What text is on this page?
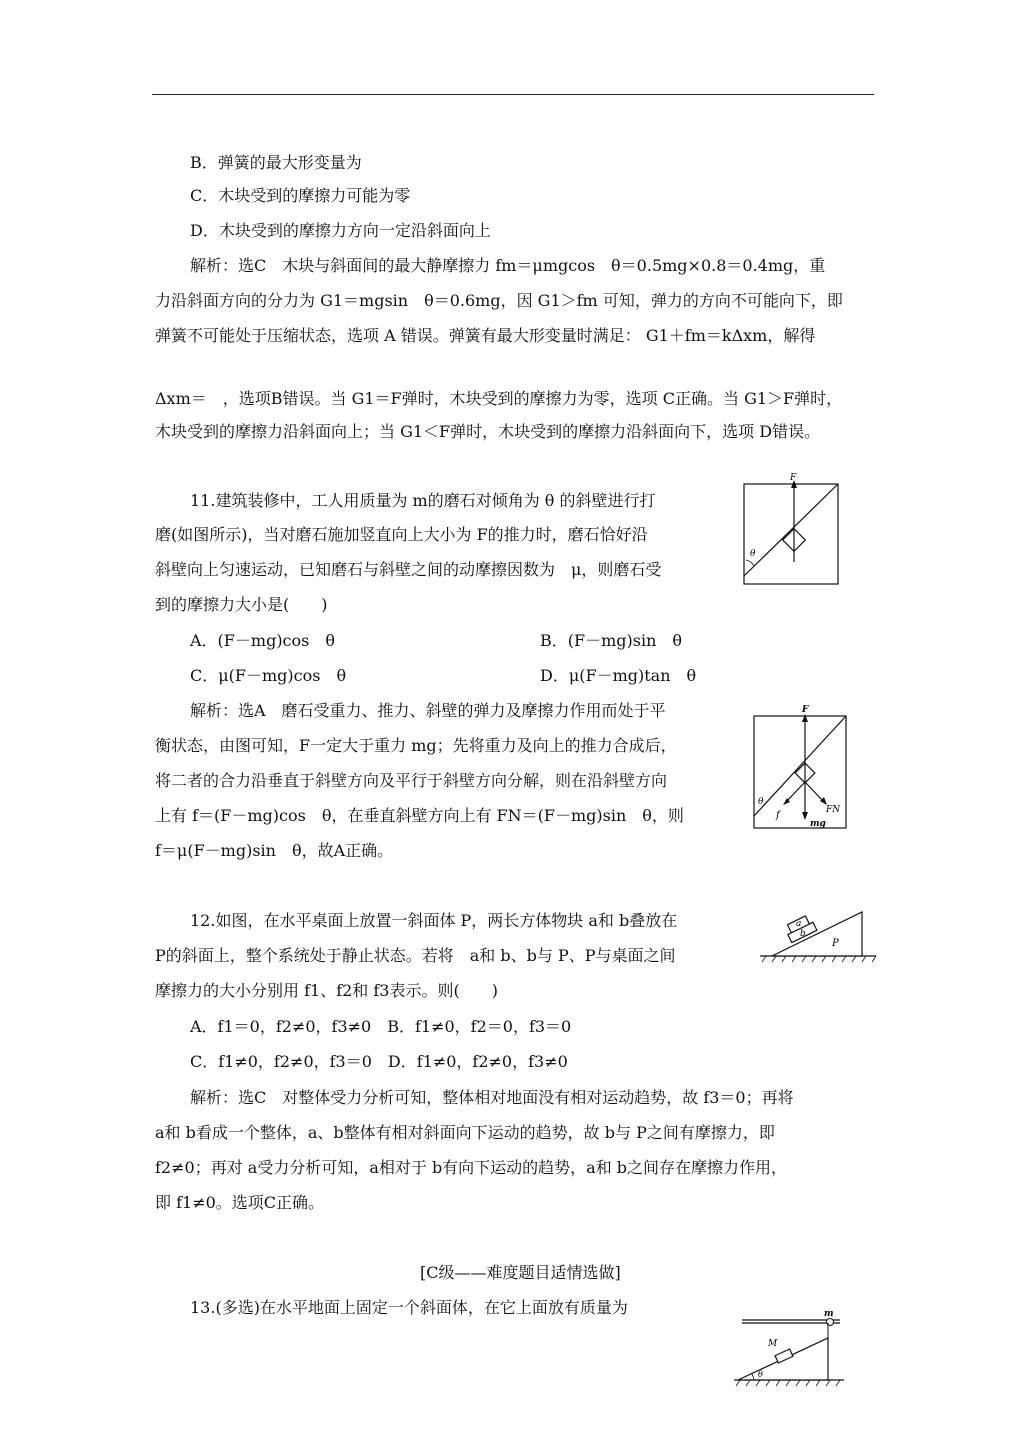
B．弹簧的最大形变量为
C．木块受到的摩擦力可能为零
D．木块受到的摩擦力方向一定沿斜面向上
解析：选C　木块与斜面间的最大静摩擦力 fm＝μmgcos　θ＝0.5mg×0.8＝0.4mg，重
力沿斜面方向的分力为 G1＝mgsin　θ＝0.6mg，因 G1＞fm 可知，弹力的方向不可能向下，即
弹簧不可能处于压缩状态，选项 A 错误。弹簧有最大形变量时满足： G1＋fm＝kΔxm，解得
Δxm＝　，选项B错误。当 G1＝F弹时，木块受到的摩擦力为零，选项 C正确。当 G1＞F弹时，
木块受到的摩擦力沿斜面向上；当 G1＜F弹时，木块受到的摩擦力沿斜面向下，选项 D错误。
11.建筑装修中，工人用质量为 m的磨石对倾角为 θ 的斜壁进行打
磨(如图所示)，当对磨石施加竖直向上大小为 F的推力时，磨石恰好沿
斜壁向上匀速运动，已知磨石与斜壁之间的动摩擦因数为　μ，则磨石受
到的摩擦力大小是(　　)
A．(F－mg)cos　θ	B．(F－mg)sin　θ
C．μ(F－mg)cos　θ	D．μ(F－mg)tan　θ
解析：选A　磨石受重力、推力、斜壁的弹力及摩擦力作用而处于平
衡状态，由图可知，F一定大于重力 mg；先将重力及向上的推力合成后，
将二者的合力沿垂直于斜壁方向及平行于斜壁方向分解，则在沿斜壁方向
上有 f＝(F－mg)cos　θ，在垂直斜壁方向上有 FN＝(F－mg)sin　θ，则
f＝μ(F－mg)sin　θ，故A正确。
F
θ
F
θ
f	FN
mg
12.如图，在水平桌面上放置一斜面体 P，两长方体物块 a和 b叠放在
P的斜面上，整个系统处于静止状态。若将　a和 b、b与 P、P与桌面之间
摩擦力的大小分别用 f1、f2和 f3表示。则(　　)
A．f1＝0，f2≠0，f3≠0　B．f1≠0，f2＝0，f3＝0
C．f1≠0，f2≠0，f3＝0　D．f1≠0，f2≠0，f3≠0
解析：选C　对整体受力分析可知，整体相对地面没有相对运动趋势，故 f3＝0；再将
a和 b看成一个整体，a、b整体有相对斜面向下运动的趋势，故 b与 P之间有摩擦力，即
f2≠0；再对 a受力分析可知，a相对于 b有向下运动的趋势，a和 b之间存在摩擦力作用，
即 f1≠0。选项C正确。
a
b
P
[C级——难度题目适情选做]
13.(多选)在水平地面上固定一个斜面体，在它上面放有质量为	m
M
θ
